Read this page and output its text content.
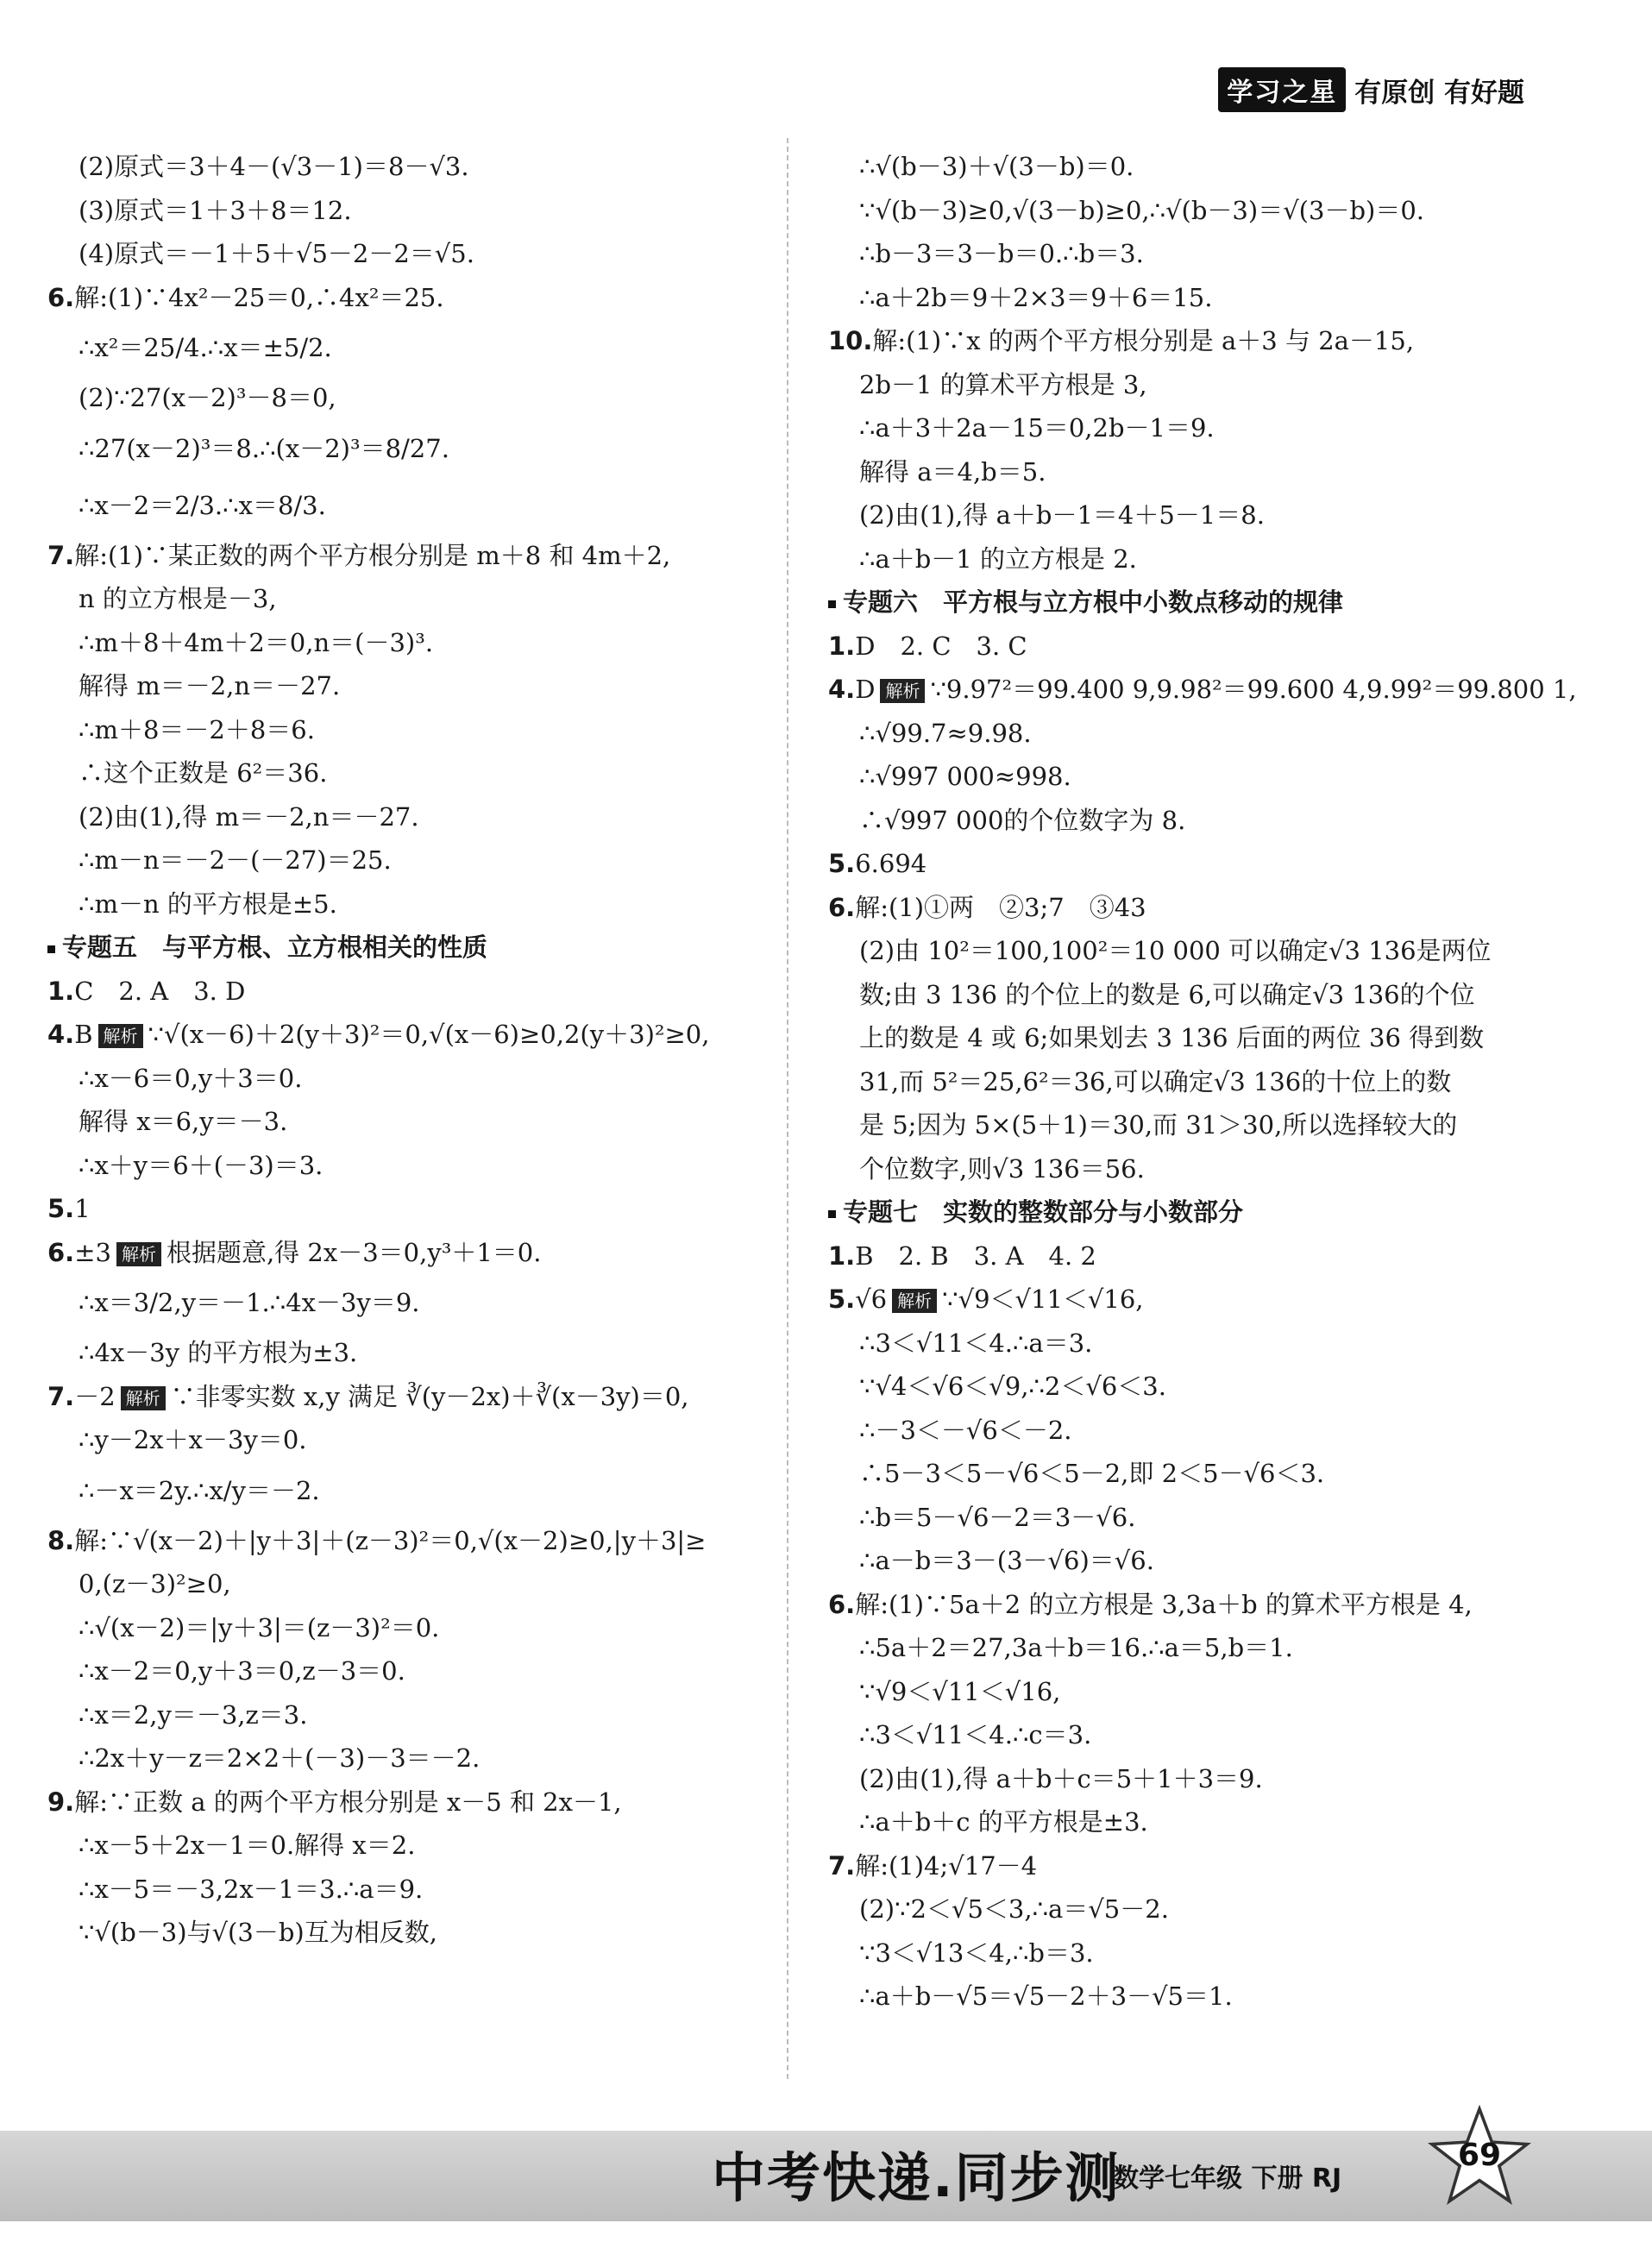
学习之星 有原创 有好题
(2)原式＝3＋4－(√3－1)＝8－√3.
(3)原式＝1＋3＋8＝12.
(4)原式＝－1＋5＋√5－2－2＝√5.
6.解:(1)∵4x²－25＝0,∴4x²＝25.
∴x²＝25/4.∴x＝±5/2.
(2)∵27(x－2)³－8＝0,
∴27(x－2)³＝8.∴(x－2)³＝8/27.
∴x－2＝2/3.∴x＝8/3.
7.解:(1)∵某正数的两个平方根分别是 m＋8 和 4m＋2,
n 的立方根是－3,
∴m＋8＋4m＋2＝0,n＝(－3)³.
解得 m＝－2,n＝－27.
∴m＋8＝－2＋8＝6.
∴这个正数是 6²＝36.
(2)由(1),得 m＝－2,n＝－27.
∴m－n＝－2－(－27)＝25.
∴m－n 的平方根是±5.
专题五　与平方根、立方根相关的性质
1.C　2. A　3. D
4.B 解析 ∵√(x－6)＋2(y＋3)²＝0,√(x－6)≥0,2(y＋3)²≥0,
∴x－6＝0,y＋3＝0.
解得 x＝6,y＝－3.
∴x＋y＝6＋(－3)＝3.
5.1
6.±3 解析 根据题意,得 2x－3＝0,y³＋1＝0.
∴x＝3/2,y＝－1.∴4x－3y＝9.
∴4x－3y 的平方根为±3.
7.－2 解析 ∵非零实数 x,y 满足 ∛(y－2x)＋∛(x－3y)＝0,
∴y－2x＋x－3y＝0.
∴－x＝2y.∴x/y＝－2.
8.解:∵√(x－2)＋|y＋3|＋(z－3)²＝0,√(x－2)≥0,|y＋3|≥
0,(z－3)²≥0,
∴√(x－2)＝|y＋3|＝(z－3)²＝0.
∴x－2＝0,y＋3＝0,z－3＝0.
∴x＝2,y＝－3,z＝3.
∴2x＋y－z＝2×2＋(－3)－3＝－2.
9.解:∵正数 a 的两个平方根分别是 x－5 和 2x－1,
∴x－5＋2x－1＝0.解得 x＝2.
∴x－5＝－3,2x－1＝3.∴a＝9.
∵√(b－3)与√(3－b)互为相反数,
∴√(b－3)＋√(3－b)＝0.
∵√(b－3)≥0,√(3－b)≥0,∴√(b－3)＝√(3－b)＝0.
∴b－3＝3－b＝0.∴b＝3.
∴a＋2b＝9＋2×3＝9＋6＝15.
10.解:(1)∵x 的两个平方根分别是 a＋3 与 2a－15,
2b－1 的算术平方根是 3,
∴a＋3＋2a－15＝0,2b－1＝9.
解得 a＝4,b＝5.
(2)由(1),得 a＋b－1＝4＋5－1＝8.
∴a＋b－1 的立方根是 2.
专题六　平方根与立方根中小数点移动的规律
1.D　2. C　3. C
4.D 解析 ∵9.97²＝99.400 9,9.98²＝99.600 4,9.99²＝99.800 1,
∴√99.7≈9.98.
∴√997 000≈998.
∴√997 000的个位数字为 8.
5.6.694
6.解:(1)①两　②3;7　③43
(2)由 10²＝100,100²＝10 000 可以确定√3 136是两位
数;由 3 136 的个位上的数是 6,可以确定√3 136的个位
上的数是 4 或 6;如果划去 3 136 后面的两位 36 得到数
31,而 5²＝25,6²＝36,可以确定√3 136的十位上的数
是 5;因为 5×(5＋1)＝30,而 31＞30,所以选择较大的
个位数字,则√3 136＝56.
专题七　实数的整数部分与小数部分
1.B　2. B　3. A　4. 2
5.√6 解析 ∵√9＜√11＜√16,
∴3＜√11＜4.∴a＝3.
∵√4＜√6＜√9,∴2＜√6＜3.
∴－3＜－√6＜－2.
∴5－3＜5－√6＜5－2,即 2＜5－√6＜3.
∴b＝5－√6－2＝3－√6.
∴a－b＝3－(3－√6)＝√6.
6.解:(1)∵5a＋2 的立方根是 3,3a＋b 的算术平方根是 4,
∴5a＋2＝27,3a＋b＝16.∴a＝5,b＝1.
∵√9＜√11＜√16,
∴3＜√11＜4.∴c＝3.
(2)由(1),得 a＋b＋c＝5＋1＋3＝9.
∴a＋b＋c 的平方根是±3.
7.解:(1)4;√17－4
(2)∵2＜√5＜3,∴a＝√5－2.
∵3＜√13＜4,∴b＝3.
∴a＋b－√5＝√5－2＋3－√5＝1.
中考快递.同步测
数学七年级 下册 RJ
69
